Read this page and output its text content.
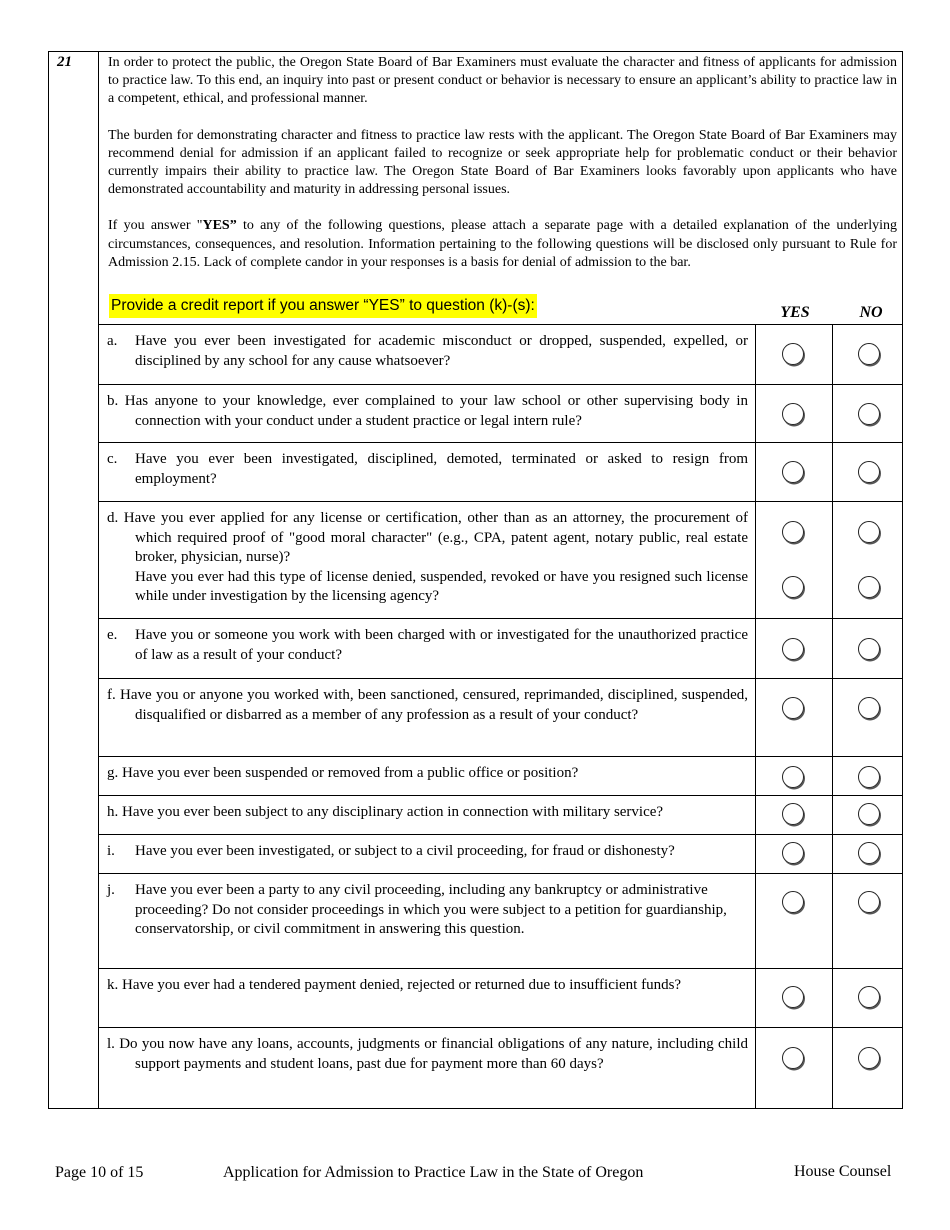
21	In order to protect the public, the Oregon State Board of Bar Examiners must evaluate the character and fitness of applicants for admission to practice law. To this end, an inquiry into past or present conduct or behavior is necessary to ensure an applicant’s ability to practice law in a competent, ethical, and professional manner.

The burden for demonstrating character and fitness to practice law rests with the applicant. The Oregon State Board of Bar Examiners may recommend denial for admission if an applicant failed to recognize or seek appropriate help for problematic conduct or their behavior currently impairs their ability to practice law. The Oregon State Board of Bar Examiners looks favorably upon applicants who have demonstrated accountability and maturity in addressing personal issues.

If you answer "YES” to any of the following questions, please attach a separate page with a detailed explanation of the underlying circumstances, consequences, and resolution. Information pertaining to the following questions will be disclosed only pursuant to Rule for Admission 2.15. Lack of complete candor in your responses is a basis for denial of admission to the bar.

Provide a credit report if you answer “YES” to question (k)-(s):	YES	NO

a. Have you ever been investigated for academic misconduct or dropped, suspended, expelled, or disciplined by any school for any cause whatsoever?

b. Has anyone to your knowledge, ever complained to your law school or other supervising body in connection with your conduct under a student practice or legal intern rule?

c. Have you ever been investigated, disciplined, demoted, terminated or asked to resign from employment?

d. Have you ever applied for any license or certification, other than as an attorney, the procurement of which required proof of "good moral character" (e.g., CPA, patent agent, notary public, real estate broker, physician, nurse)?

Have you ever had this type of license denied, suspended, revoked or have you resigned such license while under investigation by the licensing agency?

e. Have you or someone you work with been charged with or investigated for the unauthorized practice of law as a result of your conduct?

f. Have you or anyone you worked with, been sanctioned, censured, reprimanded, disciplined, suspended, disqualified or disbarred as a member of any profession as a result of your conduct?

g. Have you ever been suspended or removed from a public office or position?

h. Have you ever been subject to any disciplinary action in connection with military service?

i. Have you ever been investigated, or subject to a civil proceeding, for fraud or dishonesty?

j. Have you ever been a party to any civil proceeding, including any bankruptcy or administrative proceeding? Do not consider proceedings in which you were subject to a petition for guardianship, conservatorship, or civil commitment in answering this question.

k. Have you ever had a tendered payment denied, rejected or returned due to insufficient funds?

l. Do you now have any loans, accounts, judgments or financial obligations of any nature, including child support payments and student loans, past due for payment more than 60 days?

Page 10 of 15	Application for Admission to Practice Law in the State of Oregon	House Counsel
